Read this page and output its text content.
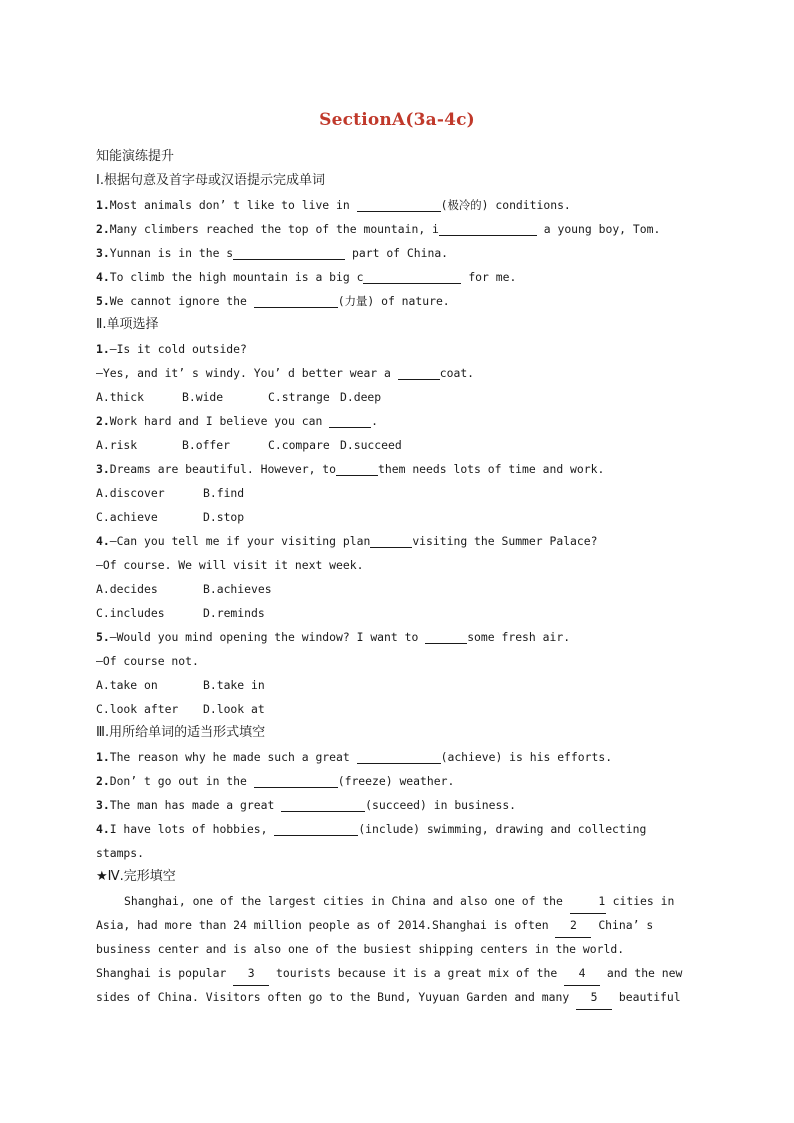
SectionA(3a-4c)
知能演练提升
Ⅰ.根据句意及首字母或汉语提示完成单词
1.Most animals don’ t like to live in	(极冷的) conditions.
2.Many climbers reached the top of the mountain, i	a young boy, Tom.
3.Yunnan is in the s	part of China.
4.To climb the high mountain is a big c	for me.
5.We cannot ignore the	(力量) of nature.
Ⅱ.单项选择
1.—Is it cold outside?
—Yes, and it’ s windy. You’ d better wear a	coat.
A.thick	B.wide	C.strange D.deep
2.Work hard and I believe you can	.
A.risk	B.offer	C.compare D.succeed
3.Dreams are beautiful. However, to	them needs lots of time and work.
A.discover	B.find
C.achieve	D.stop
4.—Can you tell me if your visiting plan	visiting the Summer Palace?
—Of course. We will visit it next week.
A.decides	B.achieves
C.includes	D.reminds
5.—Would you mind opening the window? I want to	some fresh air.
—Of course not.
A.take on	B.take in
C.look after D.look at
Ⅲ.用所给单词的适当形式填空
1.The reason why he made such a great	(achieve) is his efforts.
2.Don’ t go out in the	(freeze) weather.
3.The man has made a great	(succeed) in business.
4.I have lots of hobbies,	(include) swimming, drawing and collecting
stamps.
★Ⅳ.完形填空
Shanghai, one of the largest cities in China and also one of the	1 cities in
Asia, had more than 24 million people as of 2014.Shanghai is often 2 China’ s
business center and is also one of the busiest shipping centers in the world.
Shanghai is popular 3 tourists because it is a great mix of the 4 and the new
sides of China. Visitors often go to the Bund, Yuyuan Garden and many 5 beautiful
